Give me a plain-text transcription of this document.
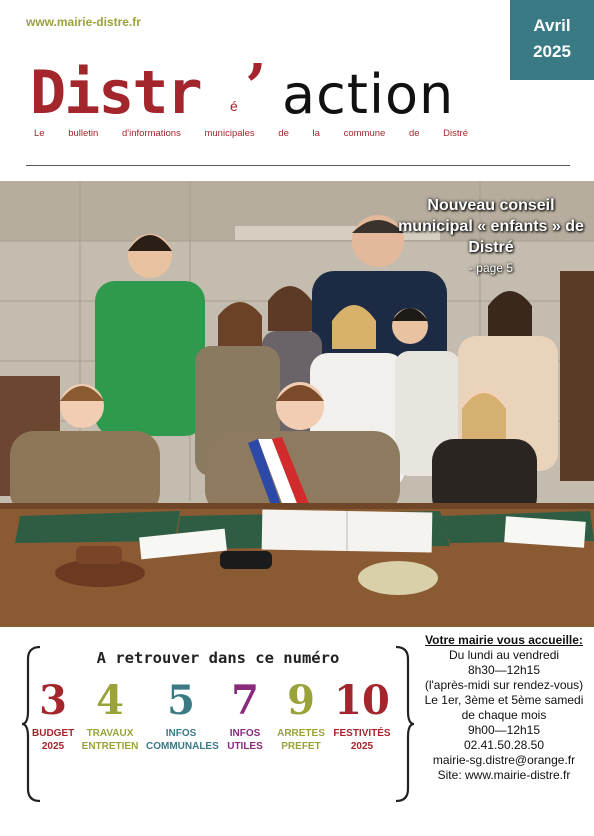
www.mairie-distre.fr	Avril
2025
Distr é ’ action
Le bulletin d'informations municipales de la commune de Distré
Nouveau conseil municipal « enfants » de Distré
- page 5
A retrouver dans ce numéro
3
BUDGET
2025
4
TRAVAUX
ENTRETIEN
5
INFOS
COMMUNALES
7
INFOS
UTILES
9
ARRETES
PREFET
10
FESTIVITÉS
2025
Votre mairie vous accueille:
Du lundi au vendredi
8h30—12h15
(l'après-midi sur rendez-vous)
Le 1er, 3ème et 5ème samedi
de chaque mois
9h00—12h15
02.41.50.28.50
mairie-sg.distre@orange.fr
Site: www.mairie-distre.fr
